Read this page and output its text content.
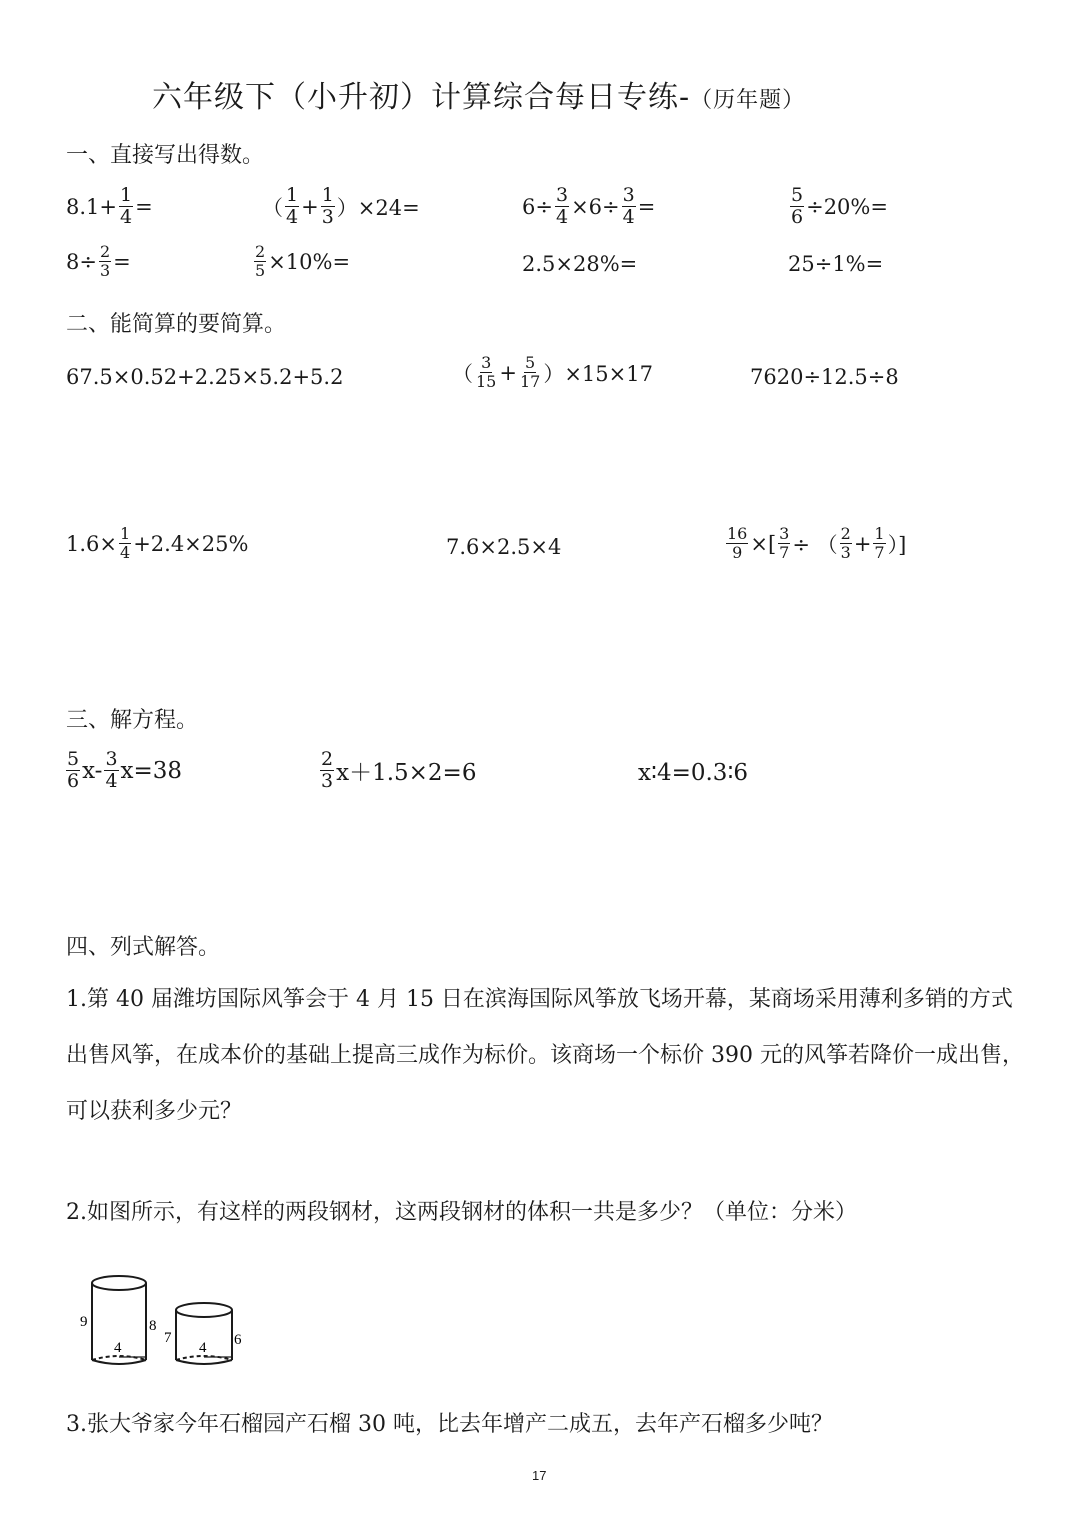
六年级下（小升初）计算综合每日专练-（历年题）
一、直接写出得数。
$8.1+ \frac{1}{4}$ =	（ $\frac{1}{4} + \frac{1}{3} )\times 24=$	$6\div \frac{3}{4} \times 6\div \frac{3}{4}$ =	$\frac{5}{6} \div 20\%=$
$8\div \frac{2}{3}$ =	$\frac{2}{5} \times 10\%=$	2.5×28%=	25÷1%=
二、能简算的要简算。
67.5×0.52+2.25×5.2+5.2	（ $\frac{3}{15} + \frac{5}{17} )\times 15\times 17$	7620÷12.5÷8
$1.6\times \frac{1}{4} +2.4\times 25\%$	7.6×2.5×4	$\frac{16}{9}$ ×[ $\frac{3}{7}$ ÷ （ $\frac{2}{3} + \frac{1}{7}$ ）]
三、解方程。
$\frac{5}{6} x- \frac{3}{4} x=38$	$\frac{2}{3} x+1.5\times 2=6$	x∶4=0.3∶6
四、列式解答。
1.第 40 届潍坊国际风筝会于 4 月 15 日在滨海国际风筝放飞场开幕，某商场采用薄利多销的方式出售风筝，在成本价的基础上提高三成作为标价。该商场一个标价 390 元的风筝若降价一成出售，可以获利多少元？
2.如图所示，有这样的两段钢材，这两段钢材的体积一共是多少？（单位：分米）
9	8
4
7	6
4
3.张大爷家今年石榴园产石榴 30 吨，比去年增产二成五，去年产石榴多少吨？
17
